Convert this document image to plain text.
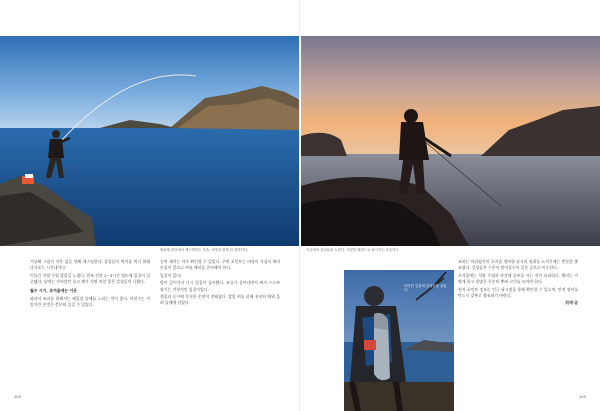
방파제 끝단에서 캐스팅하는 모습. 석양과 함께 한 장면이다.

겨냥해 그림의 작은 섬을 향해 캐스팅한다. 감성돔이 먹이를 먹기 위해 다가오는 시간대이다.

이틀간 석양 무렵 발밑을 노렸다. 만조 전후 2~3시간 정도에 입질이 집중됐다. 낮에는 잔씨알만 물고 해가 지면 씨알 좋은 감성돔이 나왔다.

월수 시기, 초겨울에는 이곳

따라서 조과를 위해서는 해질녘 물때를 노리는 것이 좋다. 마릿수는 적었지만 손맛은 충분히 즐길 수 있었다.

중어 새끼는 자주 확인할 수 있었다. 주변 포인트는 바닥이 거칠어 채비 손실이 잦으니 여유 채비를 준비해야 한다.

입질이 있다!

밤이 깊어가자 다시 입질이 들어왔다. 조류가 살아나면서 찌가 스르륵 잠기는 전형적인 입질이었다.

챔질과 동시에 묵직한 손맛이 전해졌다. 발밑 여를 피해 천천히 띄워 올려 뜰채에 담았다.

104
이곳에서 감성돔을 노린다. 석양을 배경으로 낚시하는 모습이다.
이어진 입질에 감성돔을 걸었다.

조과는 아쉬웠지만 초겨울 갯바위 낚시의 정취를 느끼기에는 충분한 출조였다. 감성돔은 수온이 떨어질수록 깊은 곳으로 이동한다.

초겨울에는 석양 무렵과 야간에 승부를 거는 것이 유리하다. 채비는 가볍게 하고 밑밥은 꾸준히 뿌려 고기를 모아야 한다.

현지 포인트 정보는 인근 낚시점을 통해 확인할 수 있으며, 안전 장비를 반드시 갖추고 출조하기 바란다.

취재·글

105
